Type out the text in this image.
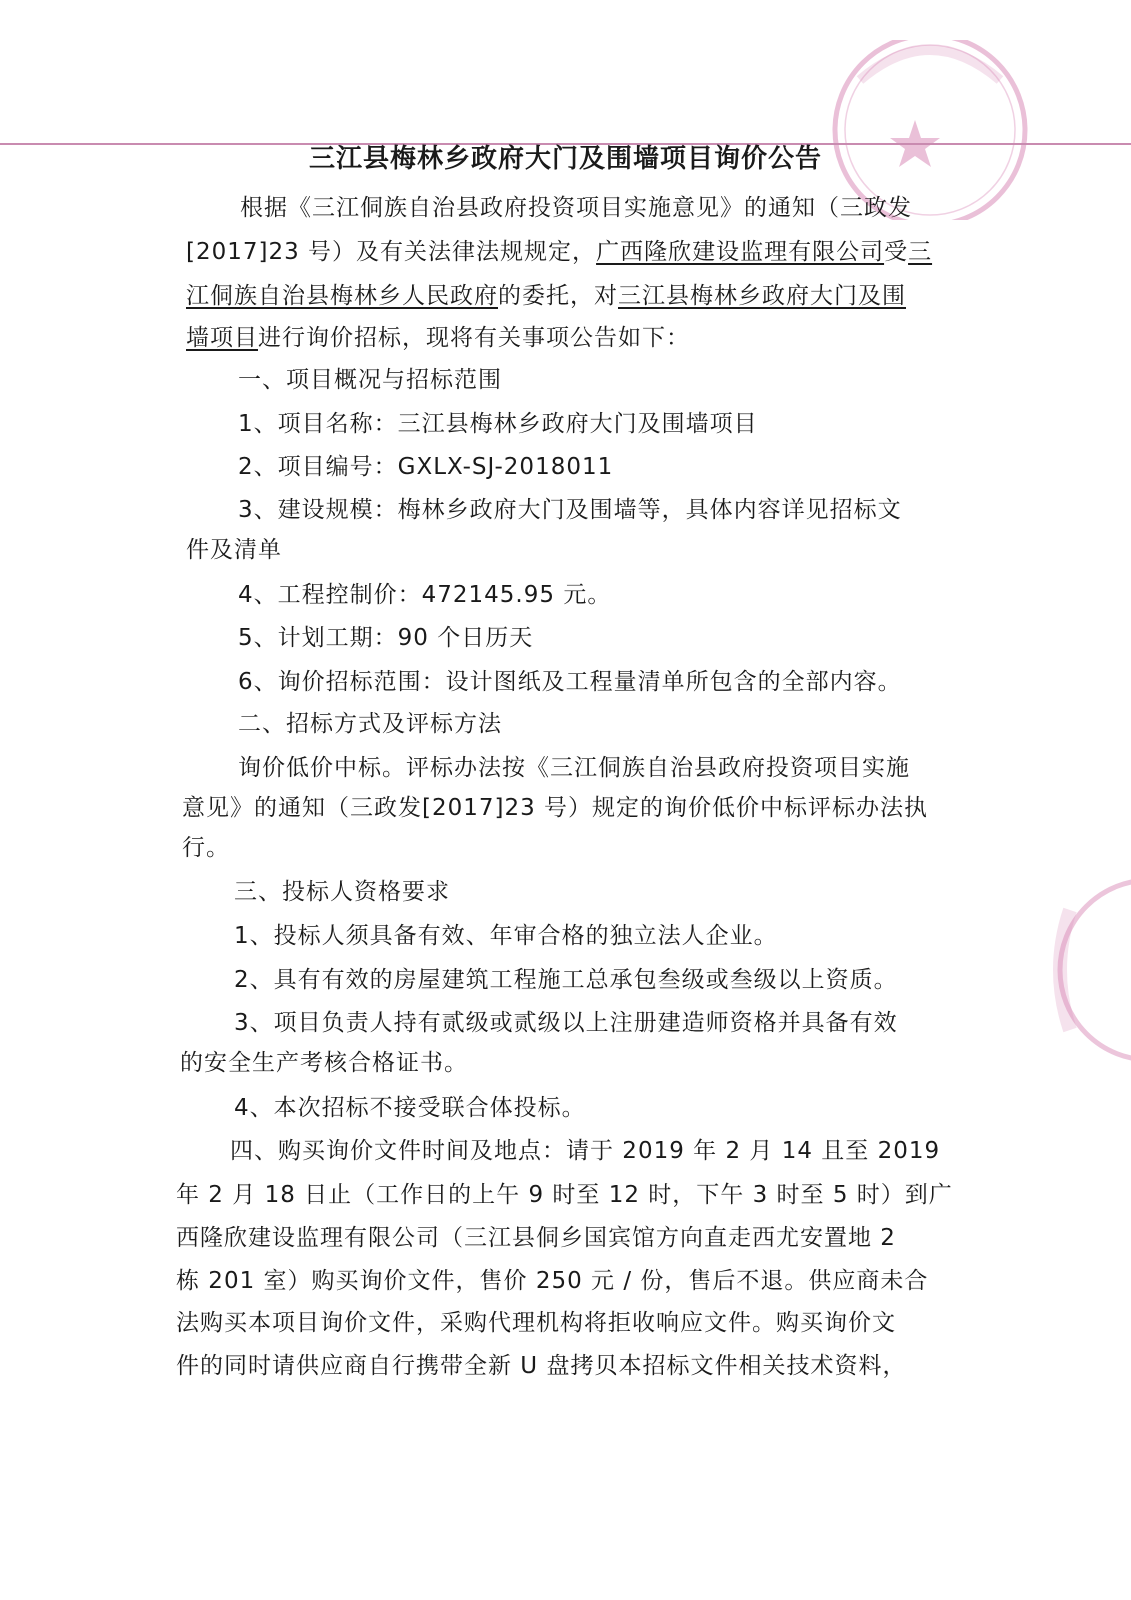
三江县梅林乡政府大门及围墙项目询价公告

根据《三江侗族自治县政府投资项目实施意见》的通知（三政发

[2017]23 号）及有关法律法规规定，广西隆欣建设监理有限公司受三

江侗族自治县梅林乡人民政府的委托，对三江县梅林乡政府大门及围

墙项目进行询价招标，现将有关事项公告如下：

一、项目概况与招标范围

1、项目名称：三江县梅林乡政府大门及围墙项目

2、项目编号：GXLX-SJ-2018011

3、建设规模：梅林乡政府大门及围墙等，具体内容详见招标文

件及清单

4、工程控制价：472145.95 元。

5、计划工期：90 个日历天

6、询价招标范围：设计图纸及工程量清单所包含的全部内容。

二、招标方式及评标方法

询价低价中标。评标办法按《三江侗族自治县政府投资项目实施

意见》的通知（三政发[2017]23 号）规定的询价低价中标评标办法执

行。

三、投标人资格要求

1、投标人须具备有效、年审合格的独立法人企业。

2、具有有效的房屋建筑工程施工总承包叁级或叁级以上资质。

3、项目负责人持有贰级或贰级以上注册建造师资格并具备有效

的安全生产考核合格证书。

4、本次招标不接受联合体投标。

四、购买询价文件时间及地点：请于 2019 年 2 月 14 且至 2019

年 2 月 18 日止（工作日的上午 9 时至 12 时，下午 3 时至 5 时）到广

西隆欣建设监理有限公司（三江县侗乡国宾馆方向直走西尤安置地 2

栋 201 室）购买询价文件，售价 250 元 / 份，售后不退。供应商未合

法购买本项目询价文件，采购代理机构将拒收响应文件。购买询价文

件的同时请供应商自行携带全新 U 盘拷贝本招标文件相关技术资料，
